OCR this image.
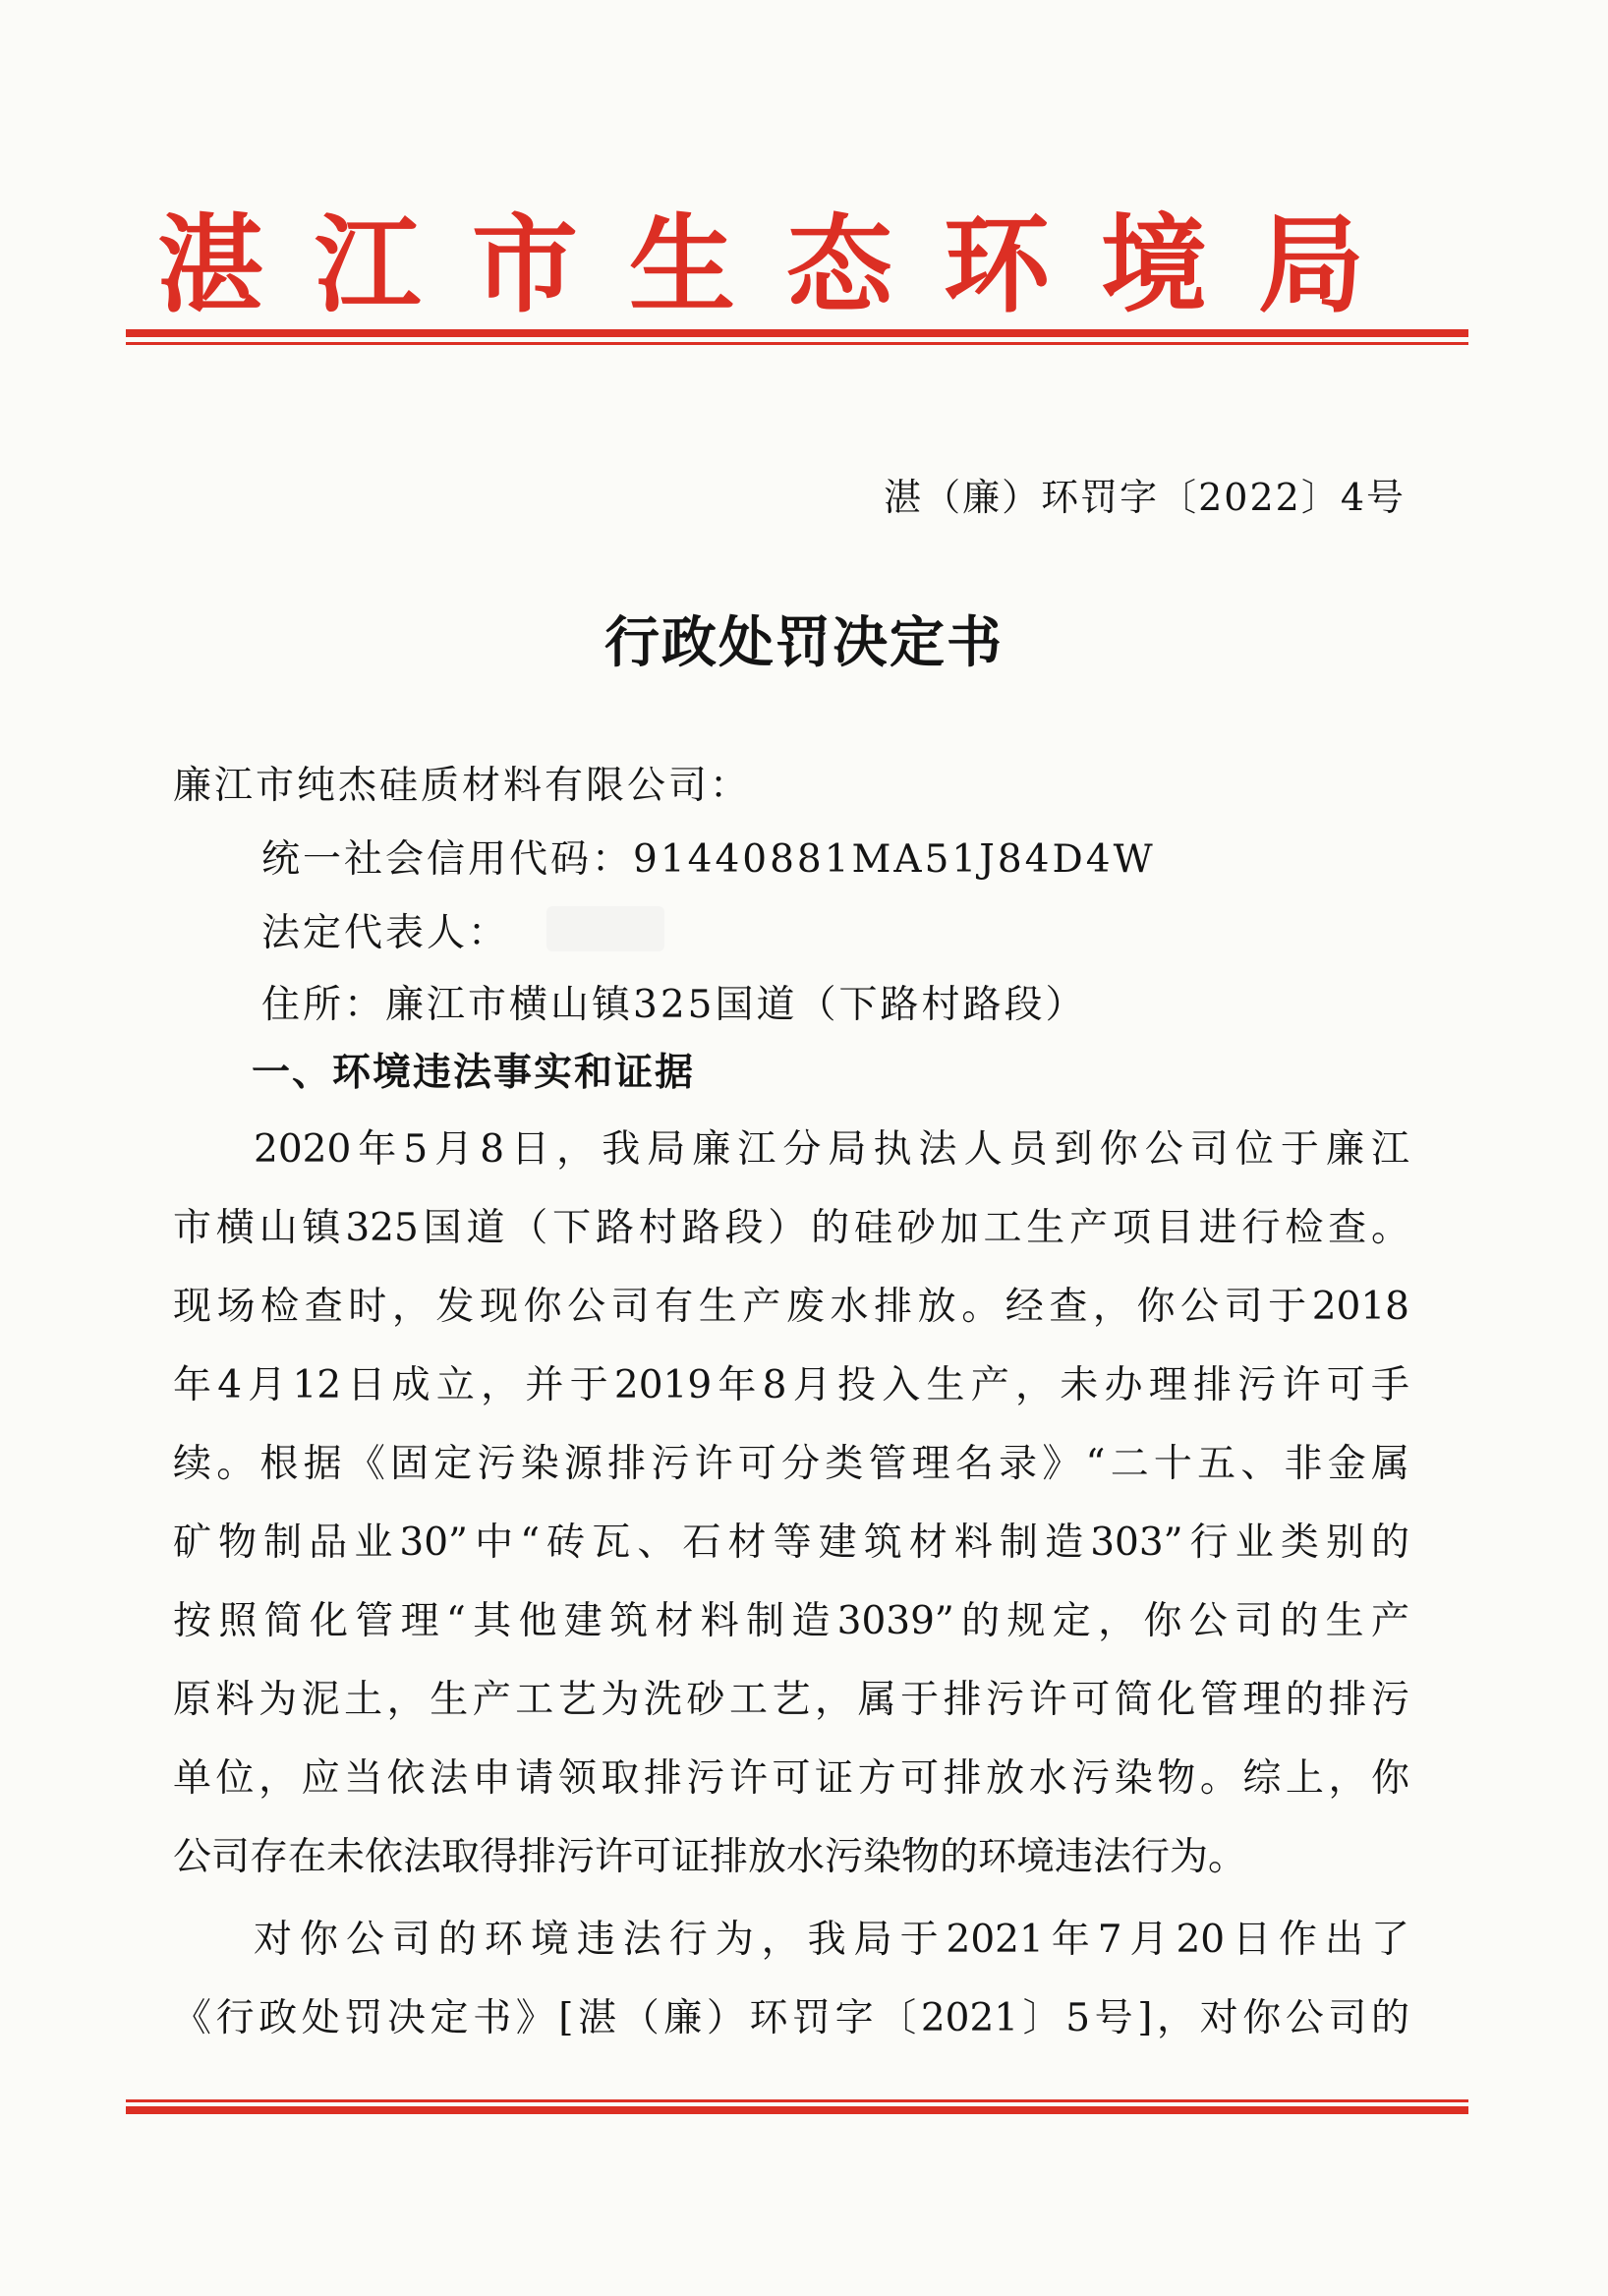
湛江市生态环境局
湛（廉）环罚字〔2022〕4号
行政处罚决定书
廉江市纯杰硅质材料有限公司：
统一社会信用代码：91440881MA51J84D4W
法定代表人：
住所：廉江市横山镇325国道（下路村路段）
一、环境违法事实和证据
2020年5月8日，我局廉江分局执法人员到你公司位于廉江
市横山镇325国道（下路村路段）的硅砂加工生产项目进行检查。
现场检查时，发现你公司有生产废水排放。经查，你公司于2018
年4月12日成立，并于2019年8月投入生产，未办理排污许可手
续。根据《固定污染源排污许可分类管理名录》“二十五、非金属
矿物制品业30”中“砖瓦、石材等建筑材料制造303”行业类别的
按照简化管理“其他建筑材料制造3039”的规定，你公司的生产
原料为泥土，生产工艺为洗砂工艺，属于排污许可简化管理的排污
单位，应当依法申请领取排污许可证方可排放水污染物。综上，你
公司存在未依法取得排污许可证排放水污染物的环境违法行为。
对你公司的环境违法行为，我局于2021年7月20日作出了
《行政处罚决定书》[湛（廉）环罚字〔2021〕5号]，对你公司的
